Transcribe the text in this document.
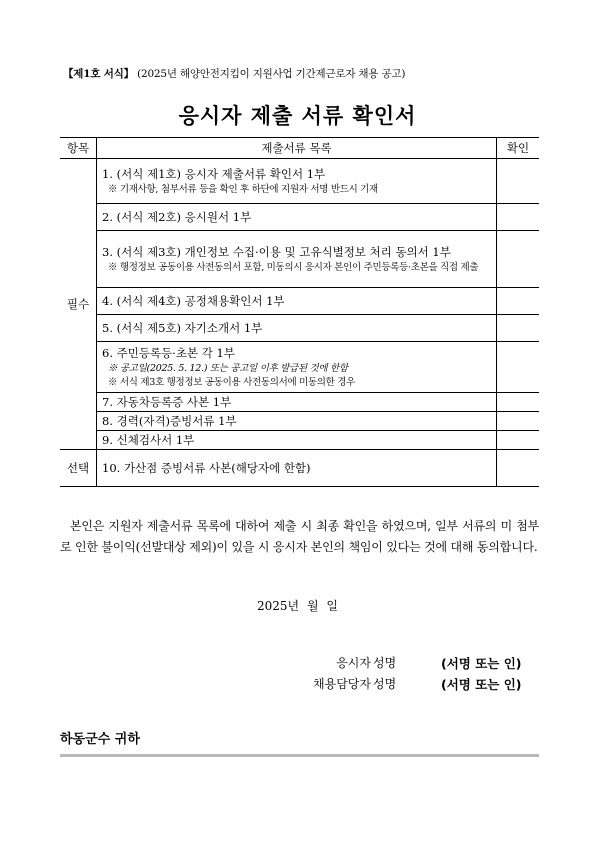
【제1호 서식】 (2025년 해양안전지킴이 지원사업 기간제근로자 채용 공고)
응시자 제출 서류 확인서
항목	제출서류 목록	확인
필수	1. (서식 제1호) 응시자 제출서류 확인서 1부
※ 기재사항, 첨부서류 등을 확인 후 하단에 지원자 서명 반드시 기재	

	2. (서식 제2호) 응시원서 1부	

	3. (서식 제3호) 개인정보 수집·이용 및 고유식별정보 처리 동의서 1부
※ 행정정보 공동이용 사전동의서 포함, 미동의시 응시자 본인이 주민등록등·초본을 직접 제출	

	4. (서식 제4호) 공정채용확인서 1부	

	5. (서식 제5호) 자기소개서 1부	

	6. 주민등록등·초본 각 1부
※ 공고일(2025. 5. 12.) 또는 공고일 이후 발급된 것에 한함
※ 서식 제3호 행정정보 공동이용 사전동의서에 미동의한 경우	

	7. 자동차등록증 사본 1부	

	8. 경력(자격)증빙서류 1부	

	9. 신체검사서 1부	

선택	10. 가산점 증빙서류 사본(해당자에 한함)	

본인은 지원자 제출서류 목록에 대하여 제출 시 최종 확인을 하였으며, 일부 서류의 미 첨부로 인한 불이익(선발대상 제외)이 있을 시 응시자 본인의 책임이 있다는 것에 대해 동의합니다.
2025년 월 일
응시자 성명	(서명 또는 인)
채용담당자 성명	(서명 또는 인)
하동군수 귀하
